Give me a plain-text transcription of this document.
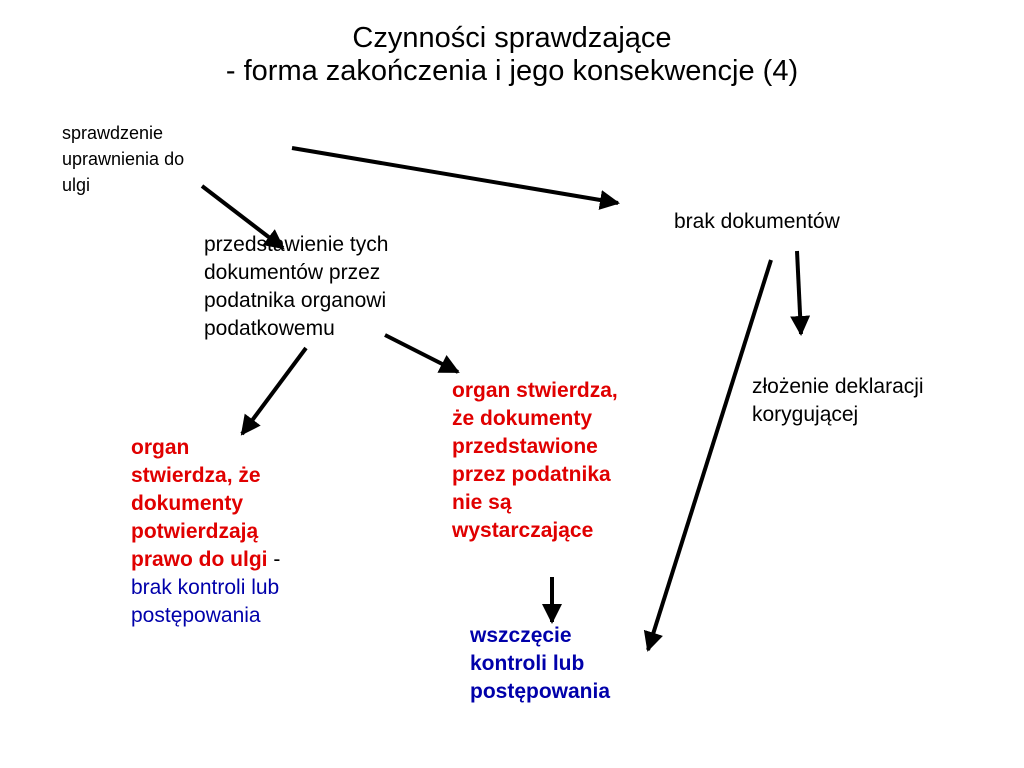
Czynności sprawdzające
- forma zakończenia i jego konsekwencje (4)
sprawdzenie
uprawnienia do
ulgi
przedstawienie tych
dokumentów przez
podatnika organowi
podatkowemu
brak dokumentów
organ
stwierdza, że
dokumenty
potwierdzają
prawo do ulgi -
brak kontroli lub
postępowania
organ stwierdza,
że dokumenty
przedstawione
przez podatnika
nie są
wystarczające
wszczęcie
kontroli lub
postępowania
złożenie deklaracji
korygującej
